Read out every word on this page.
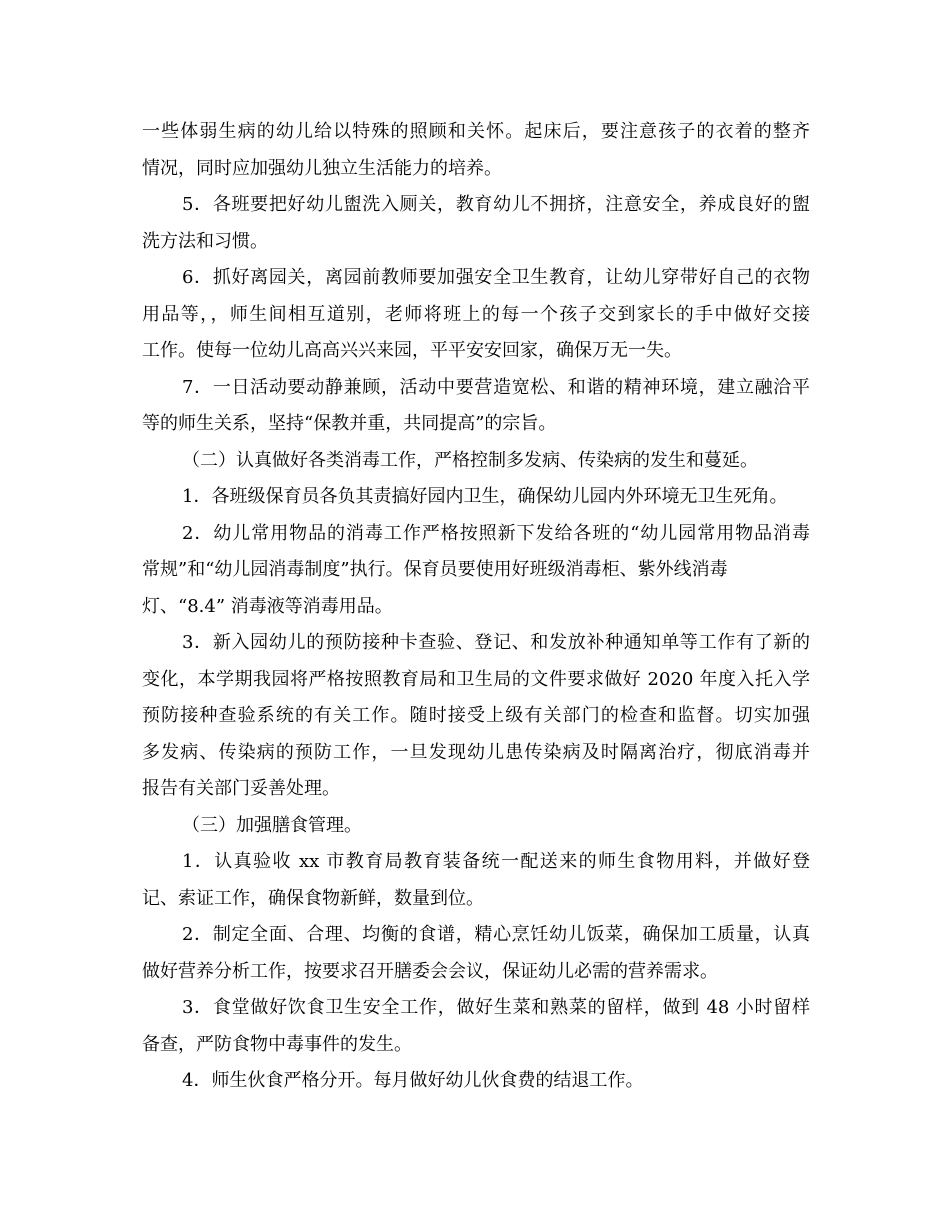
一些体弱生病的幼儿给以特殊的照顾和关怀。起床后，要注意孩子的衣着的整齐
情况，同时应加强幼儿独立生活能力的培养。
5．各班要把好幼儿盥洗入厕关，教育幼儿不拥挤，注意安全，养成良好的盥
洗方法和习惯。
6．抓好离园关，离园前教师要加强安全卫生教育，让幼儿穿带好自己的衣物
用品等，，师生间相互道别，老师将班上的每一个孩子交到家长的手中做好交接
工作。使每一位幼儿高高兴兴来园，平平安安回家，确保万无一失。
7．一日活动要动静兼顾，活动中要营造宽松、和谐的精神环境，建立融洽平
等的师生关系，坚持“保教并重，共同提高”的宗旨。
（二）认真做好各类消毒工作，严格控制多发病、传染病的发生和蔓延。
1．各班级保育员各负其责搞好园内卫生，确保幼儿园内外环境无卫生死角。
2．幼儿常用物品的消毒工作严格按照新下发给各班的“幼儿园常用物品消毒
常规”和“幼儿园消毒制度”执行。保育员要使用好班级消毒柜、紫外线消毒
灯、“8.4” 消毒液等消毒用品。
3．新入园幼儿的预防接种卡查验、登记、和发放补种通知单等工作有了新的
变化，本学期我园将严格按照教育局和卫生局的文件要求做好 2020 年度入托入学
预防接种查验系统的有关工作。随时接受上级有关部门的检查和监督。切实加强
多发病、传染病的预防工作，一旦发现幼儿患传染病及时隔离治疗，彻底消毒并
报告有关部门妥善处理。
（三）加强膳食管理。
1．认真验收 xx 市教育局教育装备统一配送来的师生食物用料，并做好登
记、索证工作，确保食物新鲜，数量到位。
2．制定全面、合理、均衡的食谱，精心烹饪幼儿饭菜，确保加工质量，认真
做好营养分析工作，按要求召开膳委会会议，保证幼儿必需的营养需求。
3．食堂做好饮食卫生安全工作，做好生菜和熟菜的留样，做到 48 小时留样
备查，严防食物中毒事件的发生。
4．师生伙食严格分开。每月做好幼儿伙食费的结退工作。
